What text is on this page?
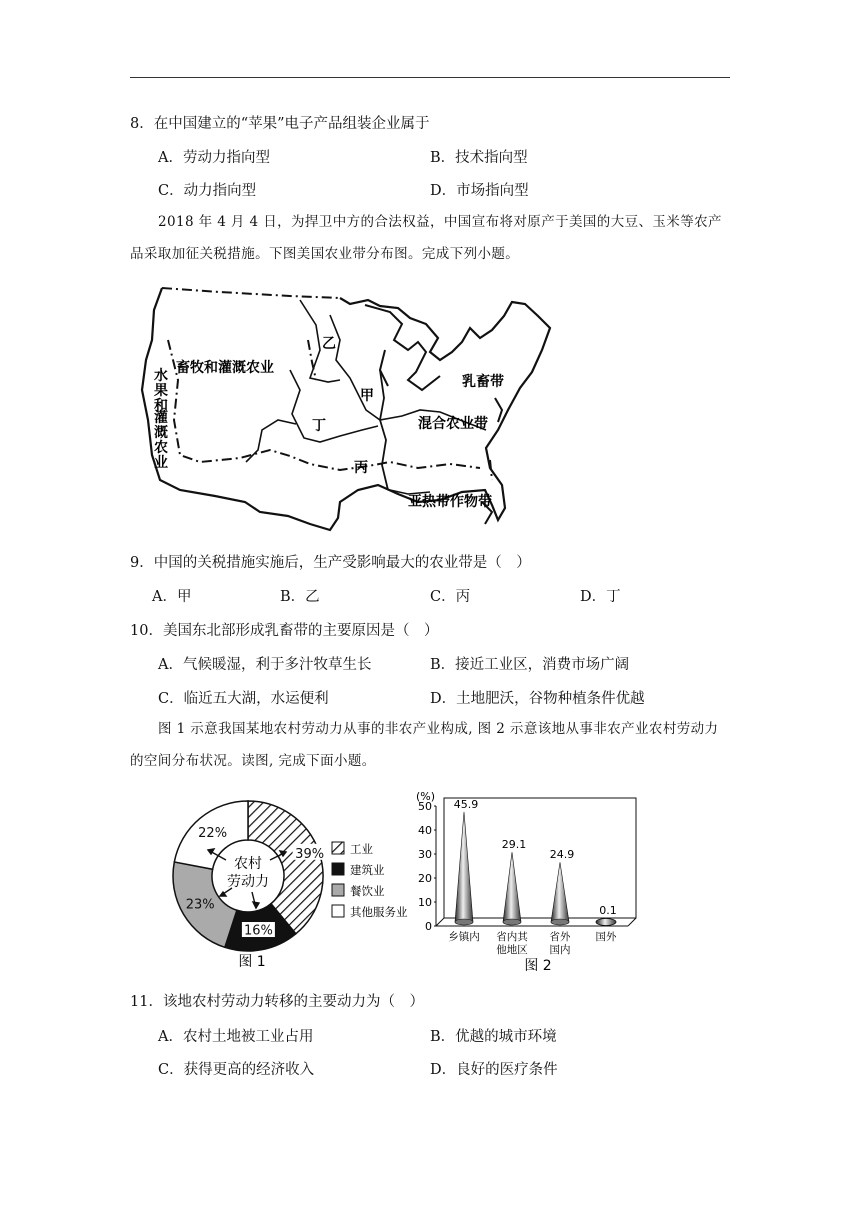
8．在中国建立的“苹果”电子产品组装企业属于
A．劳动力指向型	B．技术指向型
C．动力指向型	D．市场指向型
2018 年 4 月 4 日，为捍卫中方的合法权益，中国宣布将对原产于美国的大豆、玉米等农产品采取加征关税措施。下图美国农业带分布图。完成下列小题。
畜牧和灌溉农业
水果和
灌溉农业
乙
甲
丁
丙
乳畜带
混合农业带
亚热带作物带
9．中国的关税措施实施后，生产受影响最大的农业带是（　）
A．甲	B．乙	C．丙	D．丁
10．美国东北部形成乳畜带的主要原因是（　）
A．气候暖湿，利于多汁牧草生长	B．接近工业区，消费市场广阔
C．临近五大湖，水运便利	D．土地肥沃，谷物种植条件优越
图 1 示意我国某地农村劳动力从事的非农产业构成, 图 2 示意该地从事非农产业农村劳动力的空间分布状况。读图, 完成下面小题。
39%
16%
23%
22%
农村
劳动力
工业
建筑业
餐饮业
其他服务业
图 1
(%)
0
10
20
30
40
50 45.9
29.1
24.9
0.1
乡镇内 省内其
他地区
省外
国内
国外
图 2
11．该地农村劳动力转移的主要动力为（　）
A．农村土地被工业占用	B．优越的城市环境
C．获得更高的经济收入	D．良好的医疗条件
